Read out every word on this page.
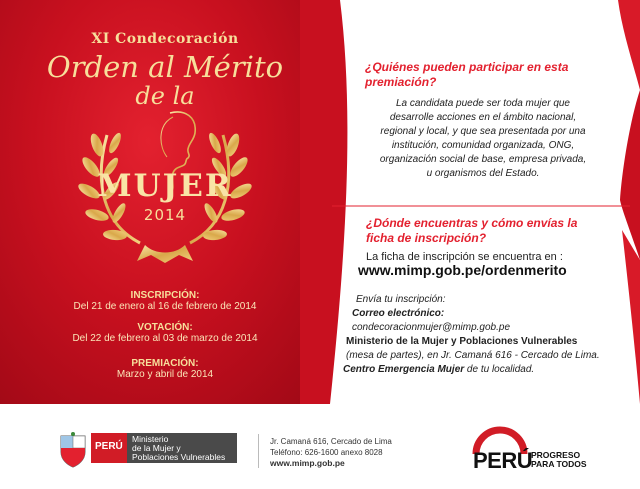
XI Condecoración
Orden al Mérito
de la
MUJER
2014
INSCRIPCIÓN:
Del 21 de enero al 16 de febrero de 2014
VOTACIÓN:
Del 22 de febrero al 03 de marzo de 2014
PREMIACIÓN:
Marzo y abril de 2014
¿Quiénes pueden participar en esta premiación?
La candidata puede ser toda mujer que
desarrolle acciones en el ámbito nacional,
regional y local, y que sea presentada por una
institución, comunidad organizada, ONG,
organización social de base, empresa privada,
u organismos del Estado.
¿Dónde encuentras y cómo envías la ficha de inscripción?
La ficha de inscripción se encuentra en :
www.mimp.gob.pe/ordenmerito
Envía tu inscripción:
Correo electrónico:
condecoracionmujer@mimp.gob.pe
Ministerio de la Mujer y Poblaciones Vulnerables
(mesa de partes), en Jr. Camaná 616 - Cercado de Lima.
Centro Emergencia Mujer de tu localidad.
PERÚ
Ministerio
de la Mujer y
Poblaciones Vulnerables
Jr. Camaná 616, Cercado de Lima
Teléfono: 626-1600 anexo 8028
www.mimp.gob.pe	PERÚ
PROGRESO
PARA TODOS
